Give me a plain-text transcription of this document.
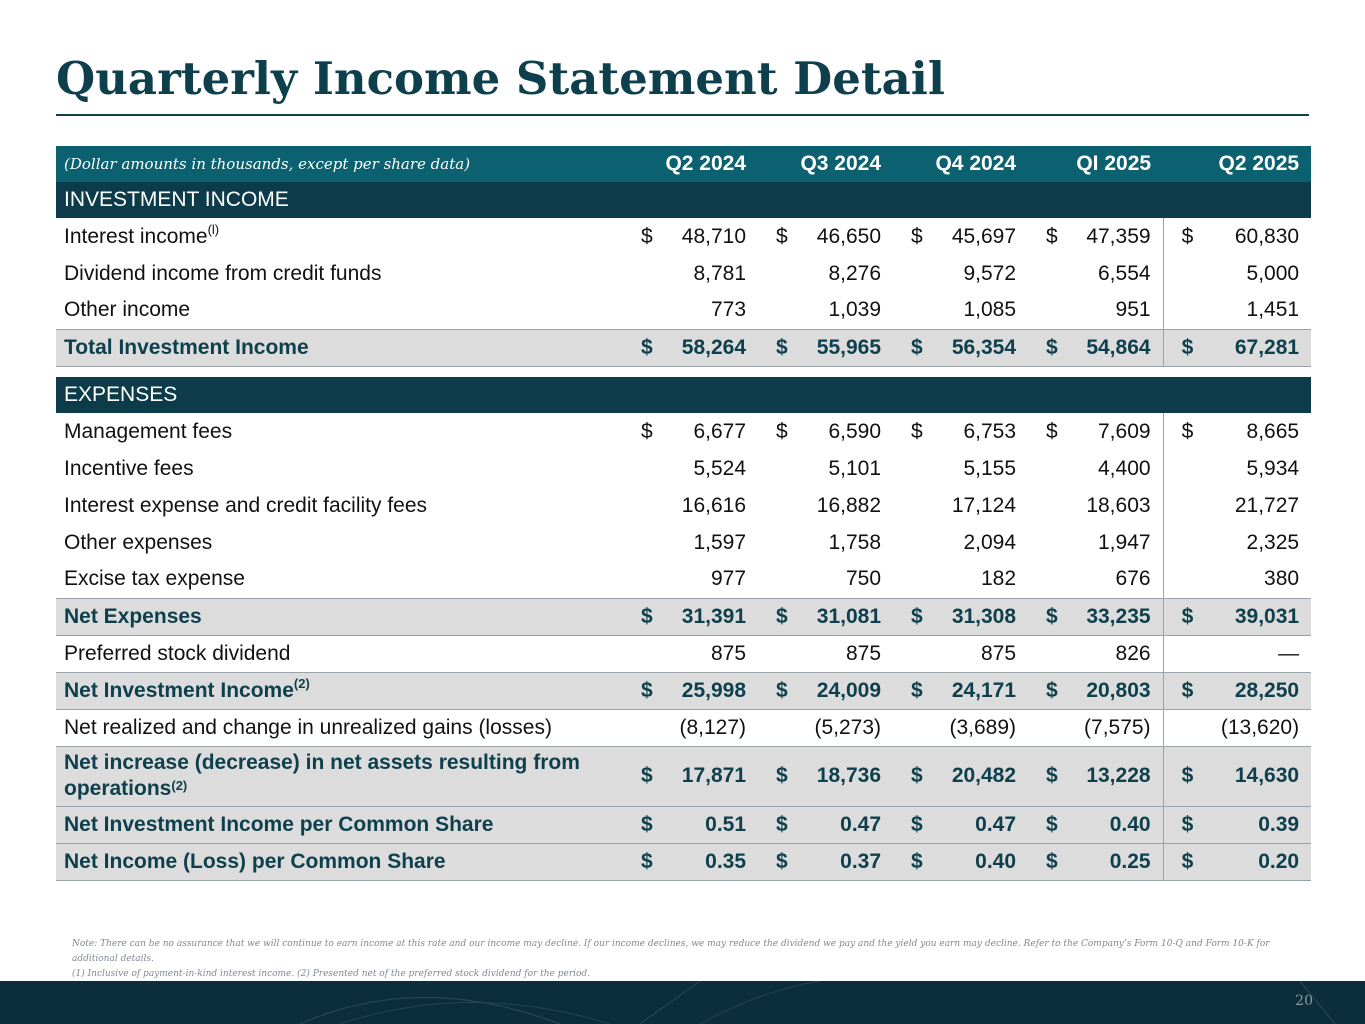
Quarterly Income Statement Detail
(Dollar amounts in thousands, except per share data)	Q2 2024		Q3 2024		Q4 2024		QI 2025		Q2 2025	
INVESTMENT INCOME										
Interest income$^{(l)}$	$	48,710	$	46,650	$	45,697	$	47,359	$	60,830
Dividend income from credit funds		8,781		8,276		9,572		6,554		5,000
Other income		773		1,039		1,085		951		1,451
Total Investment Income	$	58,264	$	55,965	$	56,354	$	54,864	$	67,281

EXPENSES										
Management fees	$	6,677	$	6,590	$	6,753	$	7,609	$	8,665
Incentive fees		5,524		5,101		5,155		4,400		5,934
Interest expense and credit facility fees		16,616		16,882		17,124		18,603		21,727
Other expenses		1,597		1,758		2,094		1,947		2,325
Excise tax expense		977		750		182		676		380
Net Expenses	$	31,391	$	31,081	$	31,308	$	33,235	$	39,031
Preferred stock dividend		875		875		875		826		—
Net Investment Income$^{(2)}$	$	25,998	$	24,009	$	24,171	$	20,803	$	28,250
Net realized and change in unrealized gains (losses)		(8,127)		(5,273)		(3,689)		(7,575)		(13,620)
Net increase (decrease) in net assets resulting from operations$^{(2)}$	$	17,871	$	18,736	$	20,482	$	13,228	$	14,630
Net Investment Income per Common Share	$	0.51	$	0.47	$	0.47	$	0.40	$	0.39
Net Income (Loss) per Common Share	$	0.35	$	0.37	$	0.40	$	0.25	$	0.20

Note: There can be no assurance that we will continue to earn income at this rate and our income may decline. If our income declines, we may reduce the dividend we pay and the yield you earn may decline. Refer to the Company’s Form 10-Q and Form 10-K for additional details.

(1) Inclusive of payment-in-kind interest income. (2) Presented net of the preferred stock dividend for the period.

20
